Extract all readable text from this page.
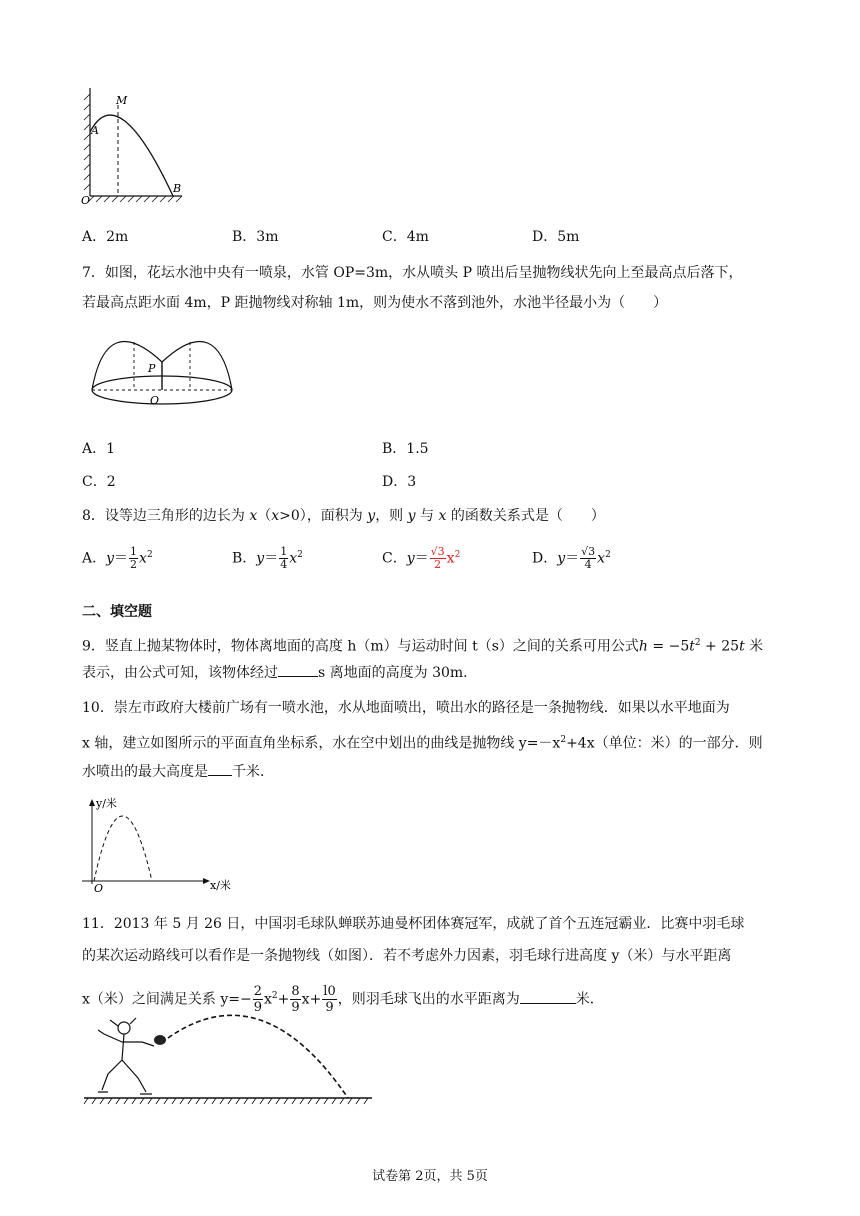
M
A
O
B
A．2m	B．3m	C．4m	D．5m
7．如图，花坛水池中央有一喷泉，水管 OP=3m，水从喷头 P 喷出后呈抛物线状先向上至最高点后落下，
若最高点距水面 4m，P 距抛物线对称轴 1m，则为使水不落到池外，水池半径最小为（　　）
P
O
A．1	B．1.5
C．2	D．3
8．设等边三角形的边长为 x（x>0），面积为 y，则 y 与 x 的函数关系式是（　　）
A．$y= \frac{1}{2} x^2$	B．$y= \frac{1}{4} x^2$	C．$y= \frac{√3}{2} x^2$	D．$y= \frac{√3}{4} x^2$
二、填空题
9．竖直上抛某物体时，物体离地面的高度 h（m）与运动时间 t（s）之间的关系可用公式$h = -5t^2 + 25t$ 米
表示，由公式可知，该物体经过	s 离地面的高度为 30m.
10．崇左市政府大楼前广场有一喷水池，水从地面喷出，喷出水的路径是一条抛物线．如果以水平地面为
x 轴，建立如图所示的平面直角坐标系，水在空中划出的曲线是抛物线 $y=-x^2+4x$（单位：米）的一部分．则
水喷出的最大高度是 千米．
y/米
x/米
O
11．2013 年 5 月 26 日，中国羽毛球队蝉联苏迪曼杯团体赛冠军，成就了首个五连冠霸业．比赛中羽毛球
的某次运动路线可以看作是一条抛物线（如图）．若不考虑外力因素，羽毛球行进高度 y（米）与水平距离
x（米）之间满足关系 $y=- \frac{2}{9} x^2+ \frac{8}{9} x+ \frac{l0}{9}$ ，则羽毛球飞出的水平距离为	米．
试卷第 2页，共 5页
